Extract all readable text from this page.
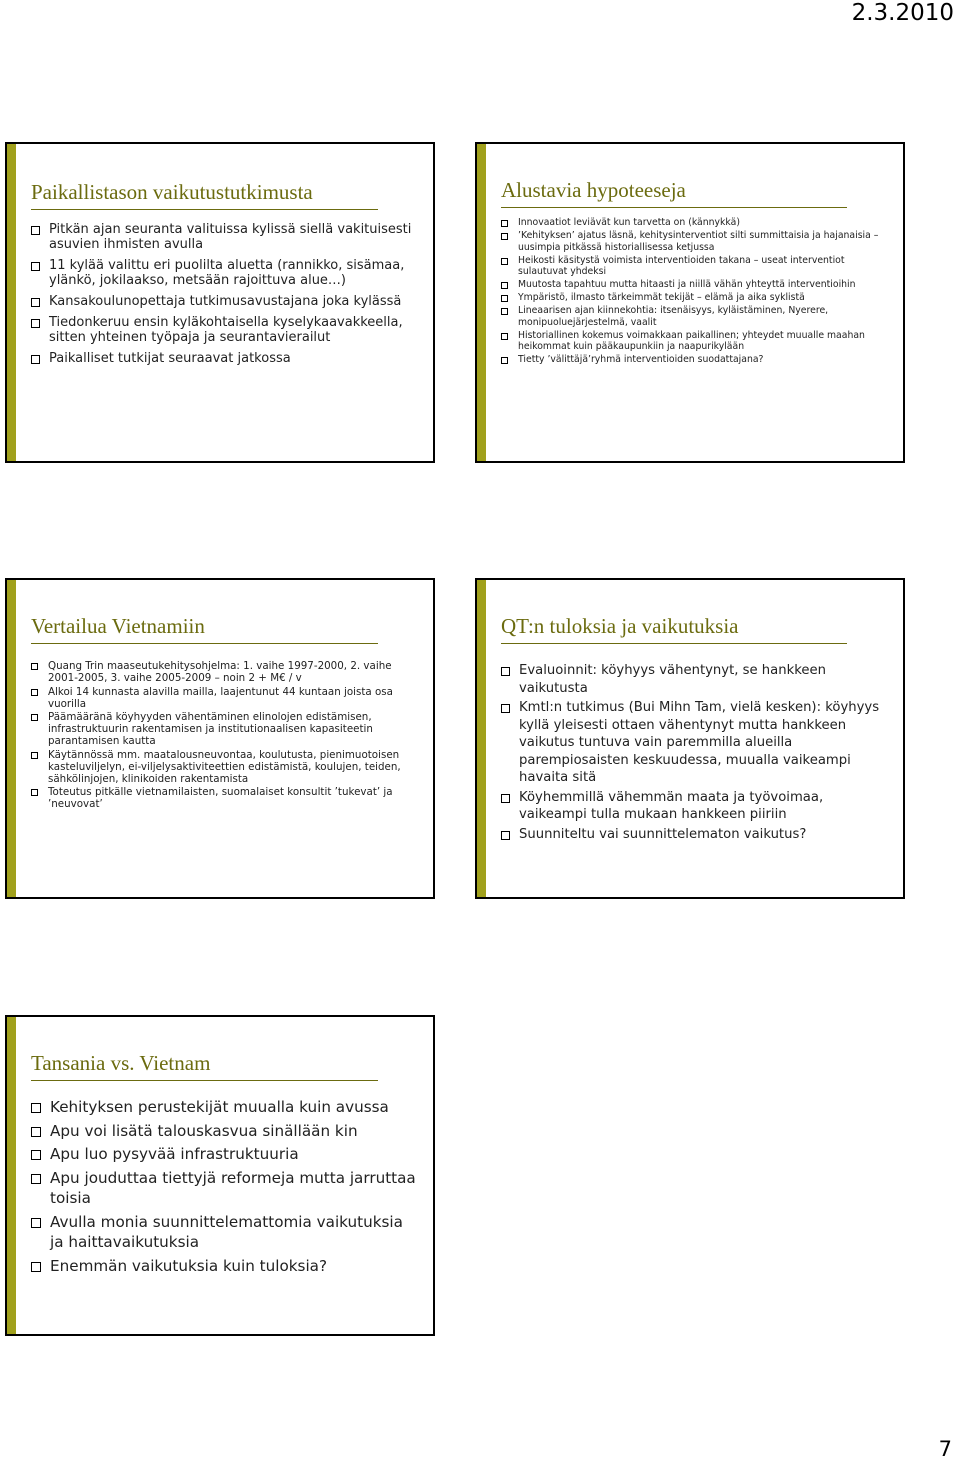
2.3.2010
Paikallistason vaikutustutkimusta
Pitkän ajan seuranta valituissa kylissä siellä vakituisesti asuvien ihmisten avulla
11 kylää valittu eri puolilta aluetta (rannikko, sisämaa, ylänkö, jokilaakso, metsään rajoittuva alue…)
Kansakoulunopettaja tutkimusavustajana joka kylässä
Tiedonkeruu ensin kyläkohtaisella kyselykaavakkeella, sitten yhteinen työpaja ja seurantavierailut
Paikalliset tutkijat seuraavat jatkossa
Alustavia hypoteeseja
Innovaatiot leviävät kun tarvetta on (kännykkä)
’Kehityksen’ ajatus läsnä, kehitysinterventiot silti summittaisia ja hajanaisia – uusimpia pitkässä historiallisessa ketjussa
Heikosti käsitystä voimista interventioiden takana – useat interventiot sulautuvat yhdeksi
Muutosta tapahtuu mutta hitaasti ja niillä vähän yhteyttä interventioihin
Ympäristö, ilmasto tärkeimmät tekijät – elämä ja aika syklistä
Lineaarisen ajan kiinnekohtia: itsenäisyys, kyläistäminen, Nyerere, monipuoluejärjestelmä, vaalit
Historiallinen kokemus voimakkaan paikallinen; yhteydet muualle maahan heikommat kuin pääkaupunkiin ja naapurikylään
Tietty ’välittäjä’ryhmä interventioiden suodattajana?
Vertailua Vietnamiin
Quang Trin maaseutukehitysohjelma: 1. vaihe 1997-2000, 2. vaihe 2001-2005, 3. vaihe 2005-2009 – noin 2 + M€ / v
Alkoi 14 kunnasta alavilla mailla, laajentunut 44 kuntaan joista osa vuorilla
Päämääränä köyhyyden vähentäminen elinolojen edistämisen, infrastruktuurin rakentamisen ja institutionaalisen kapasiteetin parantamisen kautta
Käytännössä mm. maatalousneuvontaa, koulutusta, pienimuotoisen kasteluviljelyn, ei-viljelysaktiviteettien edistämistä, koulujen, teiden, sähkölinjojen, klinikoiden rakentamista
Toteutus pitkälle vietnamilaisten, suomalaiset konsultit ’tukevat’ ja ’neuvovat’
QT:n tuloksia ja vaikutuksia
Evaluoinnit: köyhyys vähentynyt, se hankkeen vaikutusta
Kmtl:n tutkimus (Bui Mihn Tam, vielä kesken): köyhyys kyllä yleisesti ottaen vähentynyt mutta hankkeen vaikutus tuntuva vain paremmilla alueilla parempiosaisten keskuudessa, muualla vaikeampi havaita sitä
Köyhemmillä vähemmän maata ja työvoimaa, vaikeampi tulla mukaan hankkeen piiriin
Suunniteltu vai suunnittelematon vaikutus?
Tansania vs. Vietnam
Kehityksen perustekijät muualla kuin avussa
Apu voi lisätä talouskasvua sinällään kin
Apu luo pysyvää infrastruktuuria
Apu jouduttaa tiettyjä reformeja mutta jarruttaa toisia
Avulla monia suunnittelemattomia vaikutuksia ja haittavaikutuksia
Enemmän vaikutuksia kuin tuloksia?
7
